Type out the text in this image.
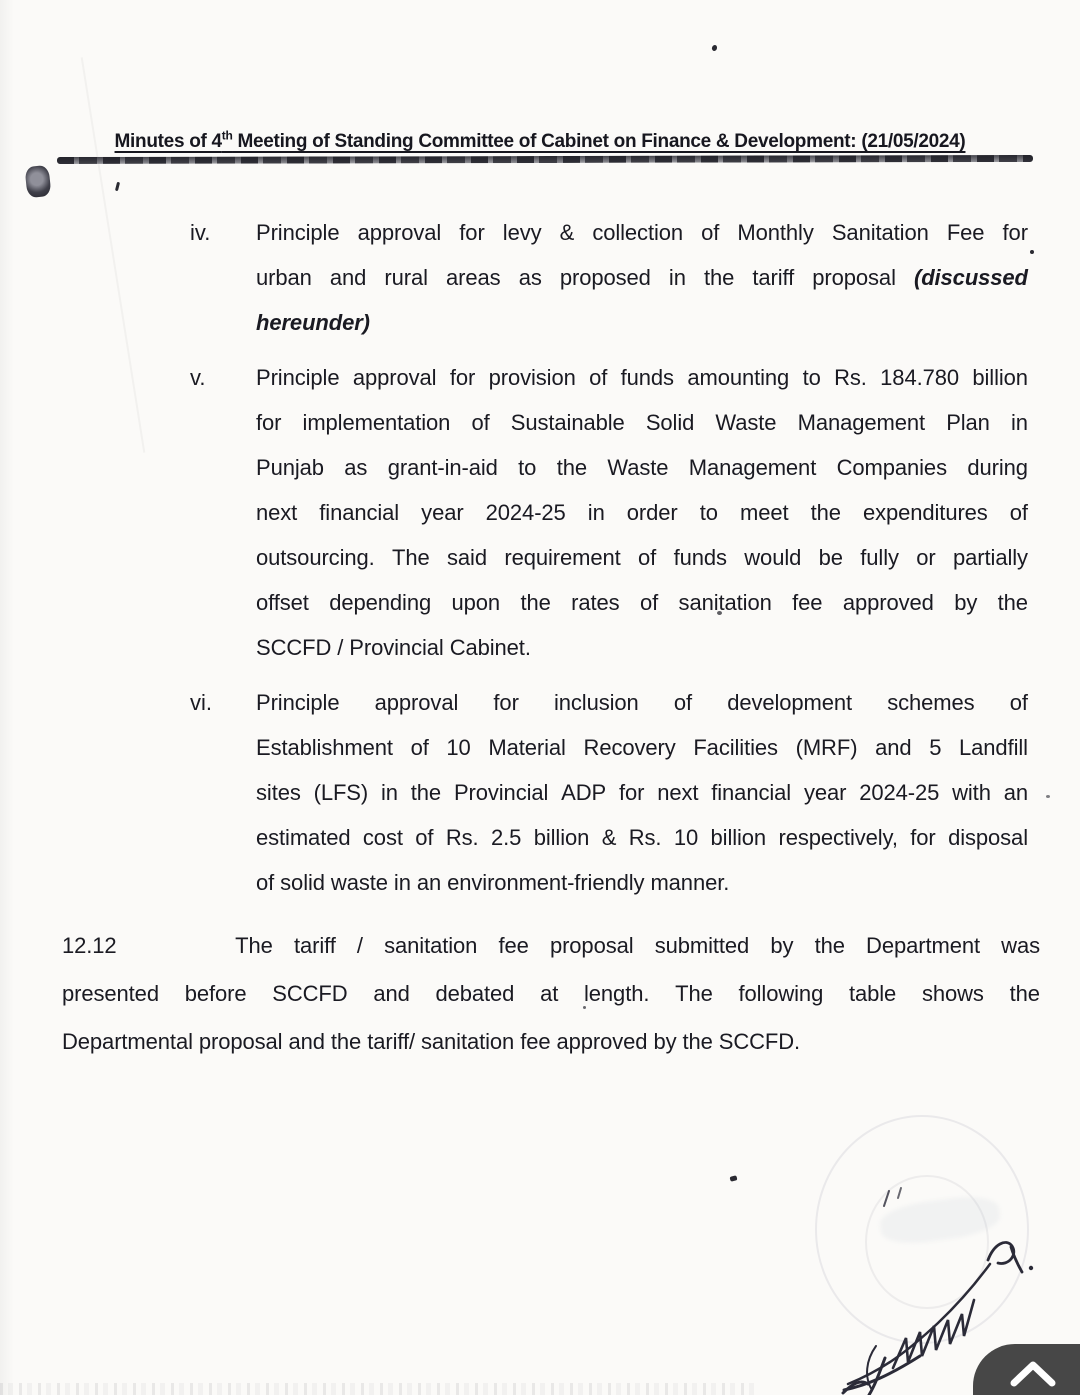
Minutes of 4th Meeting of Standing Committee of Cabinet on Finance & Development: (21/05/2024)
iv.	Principle approval for levy & collection of Monthly Sanitation Fee for
urban and rural areas as proposed in the tariff proposal (discussed
hereunder)
v.	Principle approval for provision of funds amounting to Rs. 184.780 billion
for implementation of Sustainable Solid Waste Management Plan in
Punjab as grant-in-aid to the Waste Management Companies during
next financial year 2024-25 in order to meet the expenditures of
outsourcing. The said requirement of funds would be fully or partially
offset depending upon the rates of sanitation fee approved by the
SCCFD / Provincial Cabinet.
vi.	Principle approval for inclusion of development schemes of
Establishment of 10 Material Recovery Facilities (MRF) and 5 Landfill
sites (LFS) in the Provincial ADP for next financial year 2024-25 with an
estimated cost of Rs. 2.5 billion & Rs. 10 billion respectively, for disposal
of solid waste in an environment-friendly manner.
12.12	The tariff / sanitation fee proposal submitted by the Department was
presented before SCCFD and debated at length. The following table shows the
Departmental proposal and the tariff/ sanitation fee approved by the SCCFD.
